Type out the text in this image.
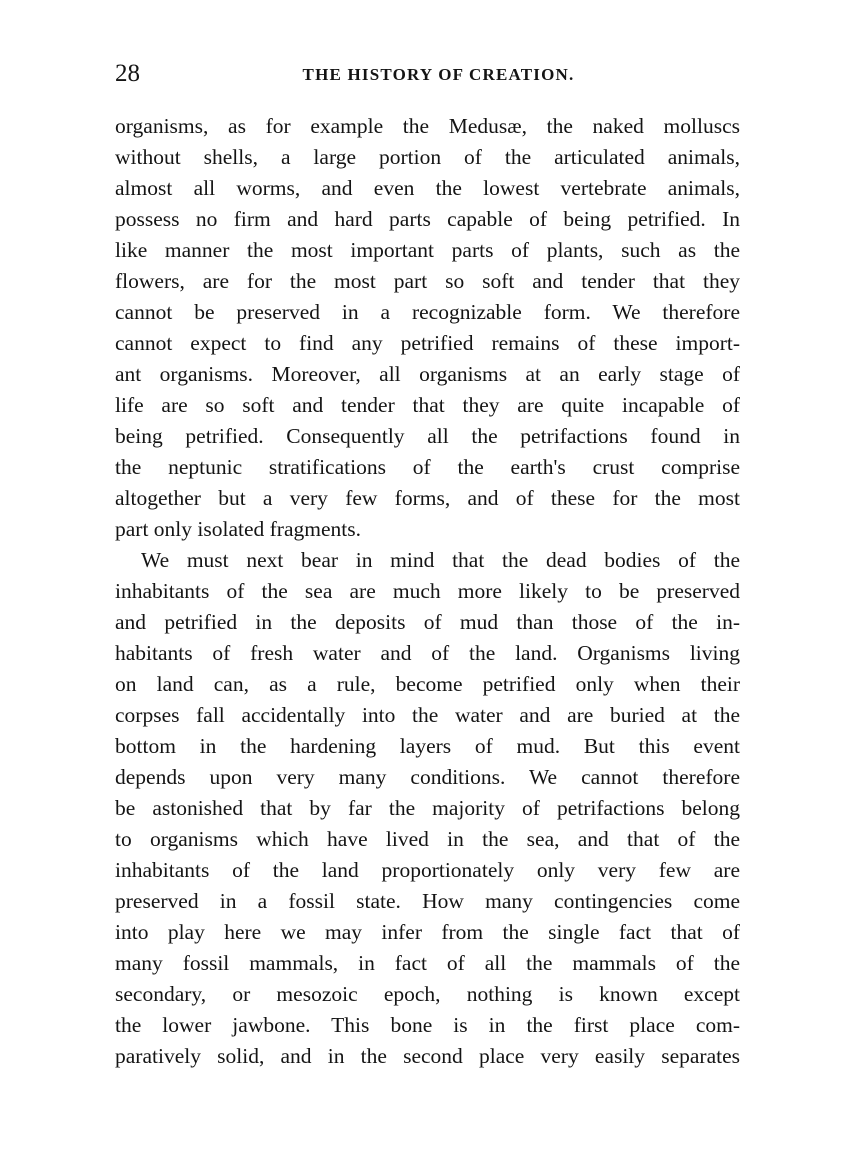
28	THE HISTORY OF CREATION.
organisms, as for example the Medusæ, the naked molluscs
without shells, a large portion of the articulated animals,
almost all worms, and even the lowest vertebrate animals,
possess no firm and hard parts capable of being petrified. In
like manner the most important parts of plants, such as the
flowers, are for the most part so soft and tender that they
cannot be preserved in a recognizable form. We therefore
cannot expect to find any petrified remains of these import-
ant organisms. Moreover, all organisms at an early stage of
life are so soft and tender that they are quite incapable of
being petrified. Consequently all the petrifactions found in
the neptunic stratifications of the earth's crust comprise
altogether but a very few forms, and of these for the most
part only isolated fragments.
We must next bear in mind that the dead bodies of the
inhabitants of the sea are much more likely to be preserved
and petrified in the deposits of mud than those of the in-
habitants of fresh water and of the land. Organisms living
on land can, as a rule, become petrified only when their
corpses fall accidentally into the water and are buried at the
bottom in the hardening layers of mud. But this event
depends upon very many conditions. We cannot therefore
be astonished that by far the majority of petrifactions belong
to organisms which have lived in the sea, and that of the
inhabitants of the land proportionately only very few are
preserved in a fossil state. How many contingencies come
into play here we may infer from the single fact that of
many fossil mammals, in fact of all the mammals of the
secondary, or mesozoic epoch, nothing is known except
the lower jawbone. This bone is in the first place com-
paratively solid, and in the second place very easily separates
